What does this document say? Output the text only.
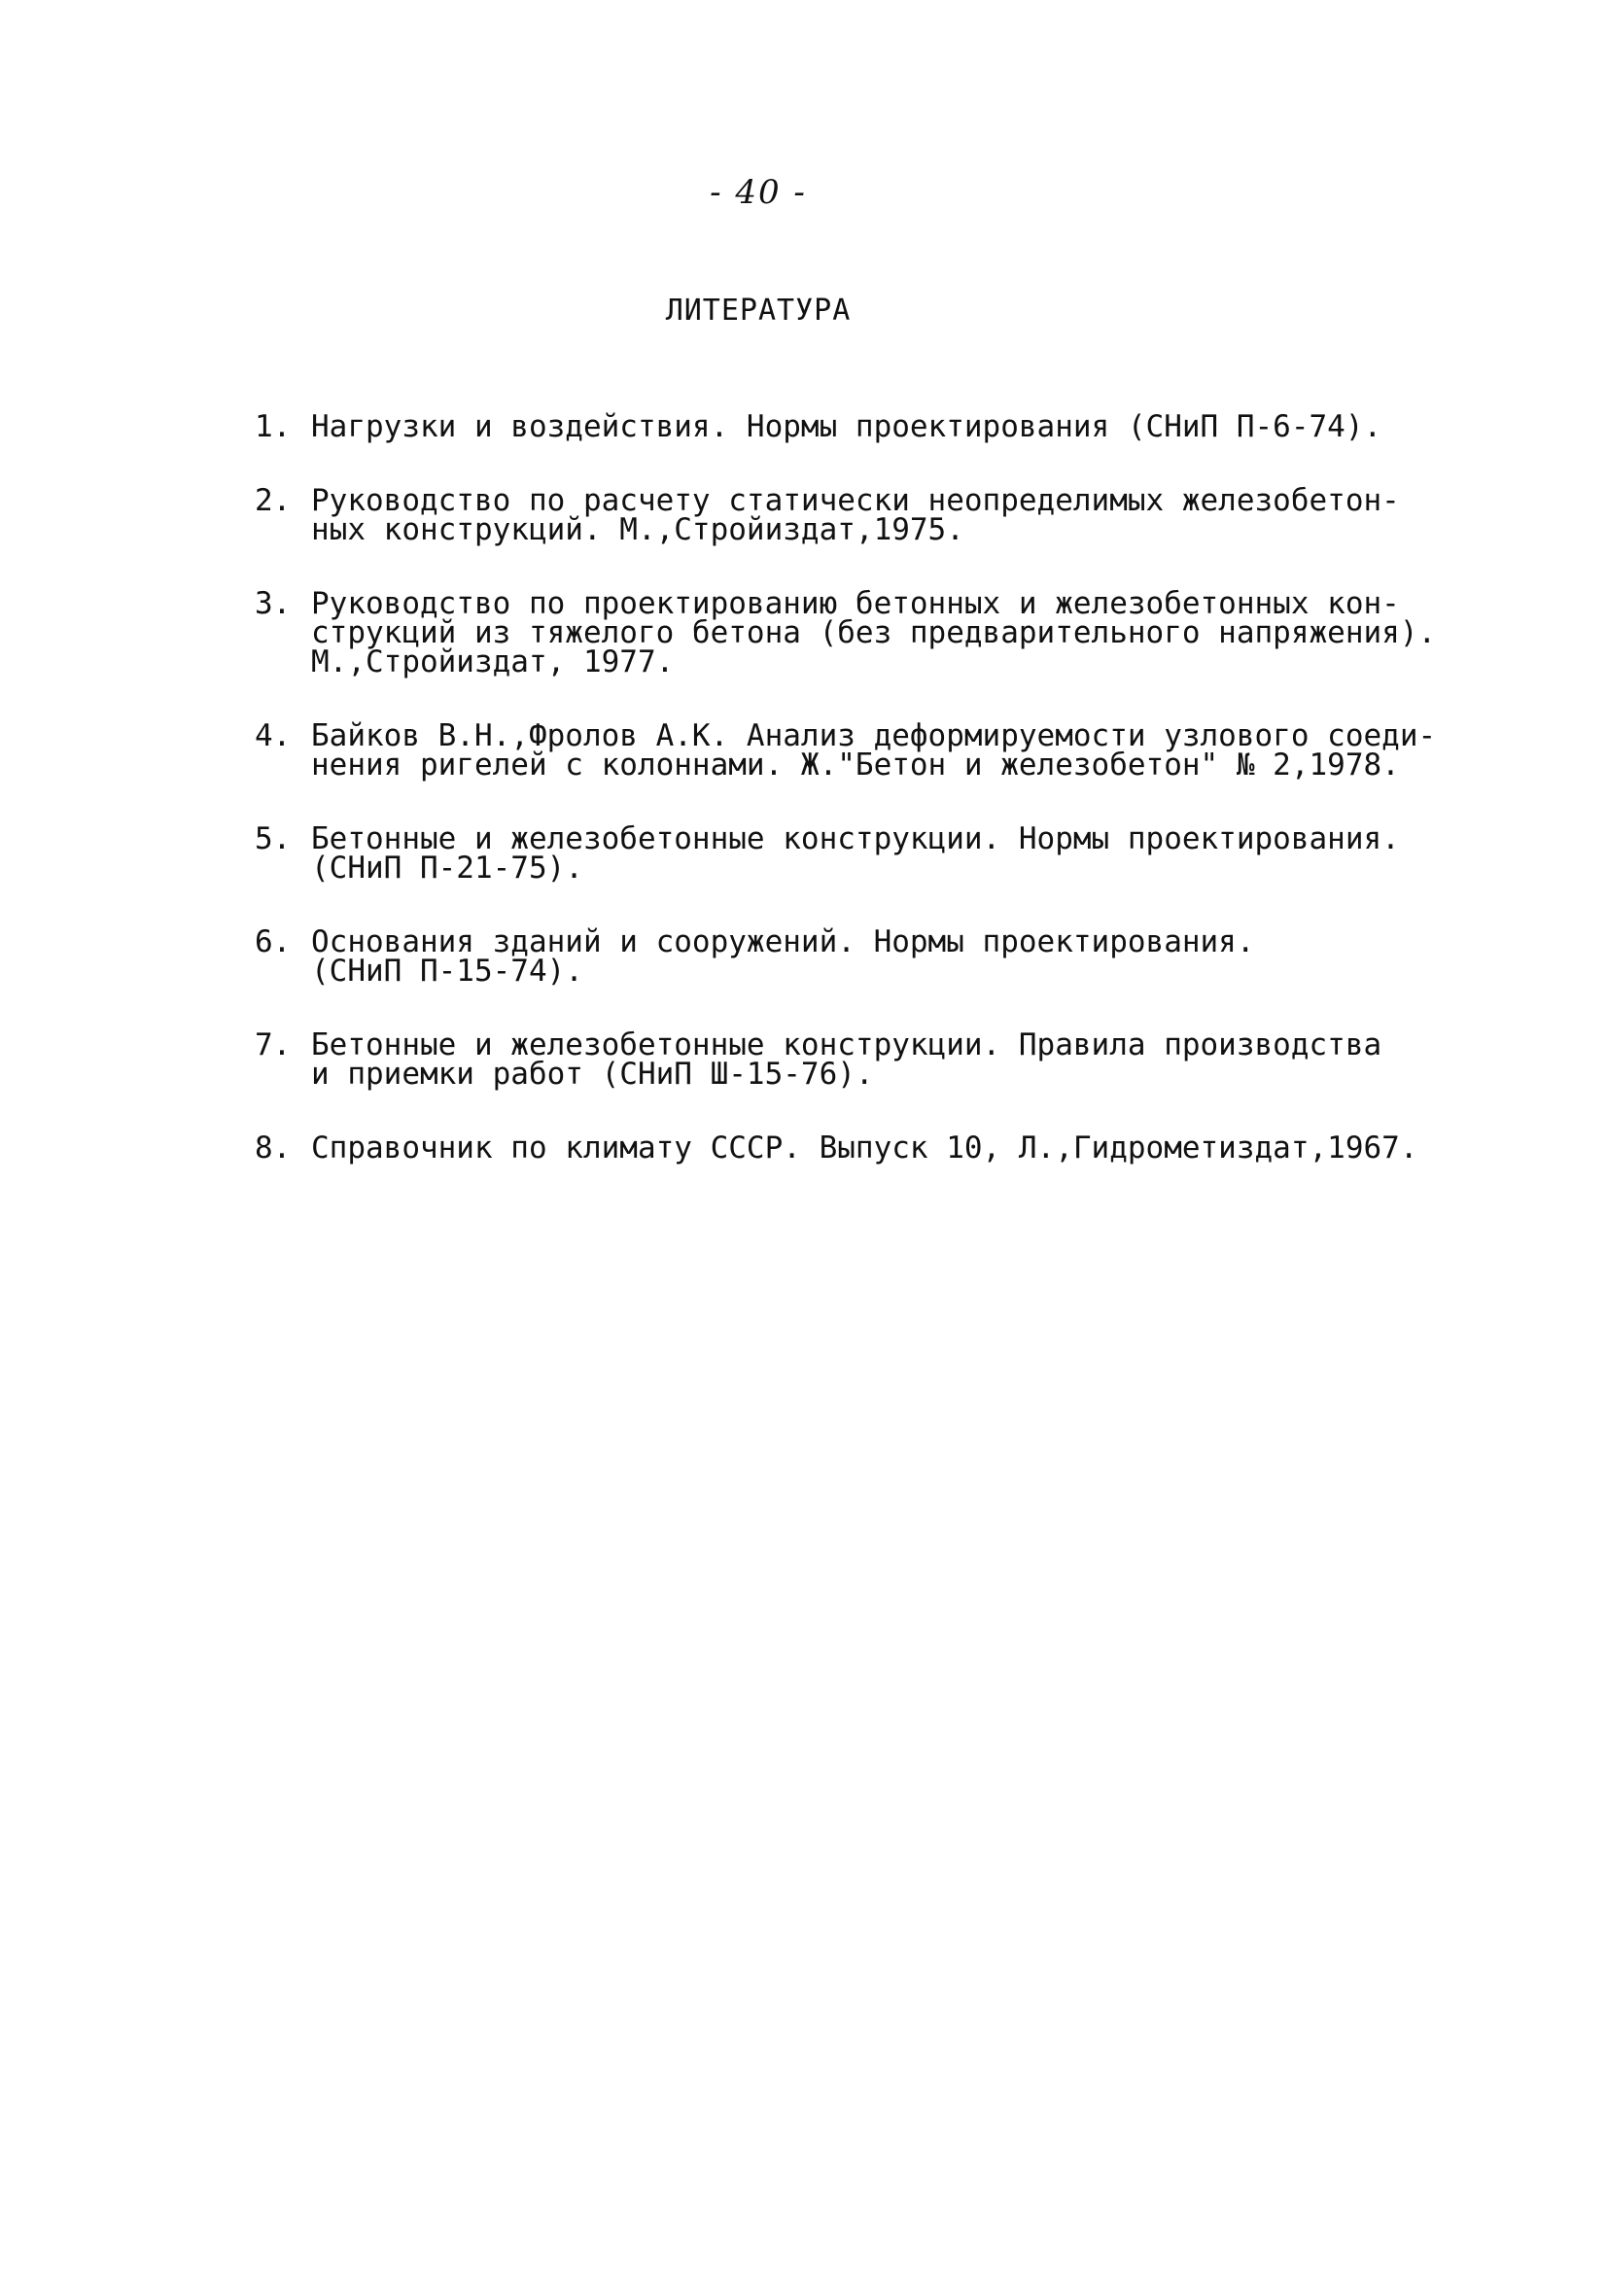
- 40 -
ЛИТЕРАТУРА
1. Нагрузки и воздействия. Нормы проектирования (СНиП П-6-74).
2. Руководство по расчету статически неопределимых железобетон-
ных конструкций. М.,Стройиздат,1975.
3. Руководство по проектированию бетонных и железобетонных кон-
струкций из тяжелого бетона (без предварительного напряжения).
М.,Стройиздат, 1977.
4. Байков В.Н.,Фролов А.К. Анализ деформируемости узлового соеди-
нения ригелей с колоннами. Ж."Бетон и железобетон" № 2,1978.
5. Бетонные и железобетонные конструкции. Нормы проектирования.
(СНиП П-21-75).
6. Основания зданий и сооружений. Нормы проектирования.
(СНиП П-15-74).
7. Бетонные и железобетонные конструкции. Правила производства
и приемки работ (СНиП Ш-15-76).
8. Справочник по климату СССР. Выпуск 10, Л.,Гидрометиздат,1967.
